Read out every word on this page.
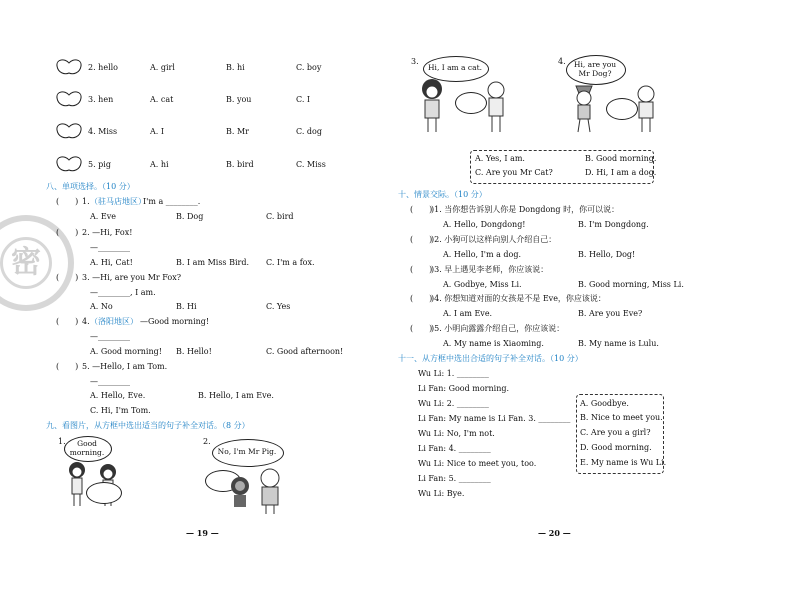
密
2. hello	A. girl	B. hi	C. boy
3. hen	A. cat	B. you	C. I
4. Miss	A. I	B. Mr	C. dog
5. pig	A. hi	B. bird	C. Miss
八、单项选择。（10 分）
(　　) 1. （驻马店地区）
I'm a ________.
A. Eve	B. Dog	C. bird
(　　) 2. —Hi, Fox!
—________
A. Hi, Cat!	B. I am Miss Bird. C. I'm a fox.
(　　) 3. —Hi, are you Mr Fox?
—________, I am.
A. No	B. Hi	C. Yes
(　　) 4. （洛阳地区） —Good morning!
—________
A. Good morning! B. Hello!	C. Good afternoon!
(　　) 5. —Hello, I am Tom.
—________
A. Hello, Eve.	B. Hello, I am Eve.
C. Hi, I'm Tom.
九、看图片，从方框中选出适当的句子补全对话。（8 分）
1.	Good
morning.
2.
No, I'm Mr Pig.
— 19 —
3.
Hi, I am a cat.
4.	Hi, are you
Mr Dog?
A. Yes, I am.	B. Good morning.
C. Are you Mr Cat?	D. Hi, I am a dog.
十、情景交际。（10 分）
(　　)
)1. 当你想告诉别人你是 Dongdong 时，你可以说：
A. Hello, Dongdong!	B. I'm Dongdong.
(　　)
)2. 小狗可以这样向别人介绍自己：
A. Hello, I'm a dog.	B. Hello, Dog!
(　　)
)3. 早上遇见李老师，你应该说：
A. Godbye, Miss Li.	B. Good morning, Miss Li.
(　　)
)4. 你想知道对面的女孩是不是 Eve，你应该说：
A. I am Eve.	B. Are you Eve?
(　　)
)5. 小明向露露介绍自己，你应该说：
A. My name is Xiaoming.	B. My name is Lulu.
十一、从方框中选出合适的句子补全对话。（10 分）
Wu Li: 1. ________
Li Fan: Good morning.
Wu Li: 2. ________
Li Fan: My name is Li Fan. 3. ________
Wu Li: No, I'm not.
Li Fan: 4. ________
Wu Li: Nice to meet you, too.
Li Fan: 5. ________
Wu Li: Bye.
A. Goodbye.
B. Nice to meet you.
C. Are you a girl?
D. Good morning.
E. My name is Wu Li.
— 20 —
